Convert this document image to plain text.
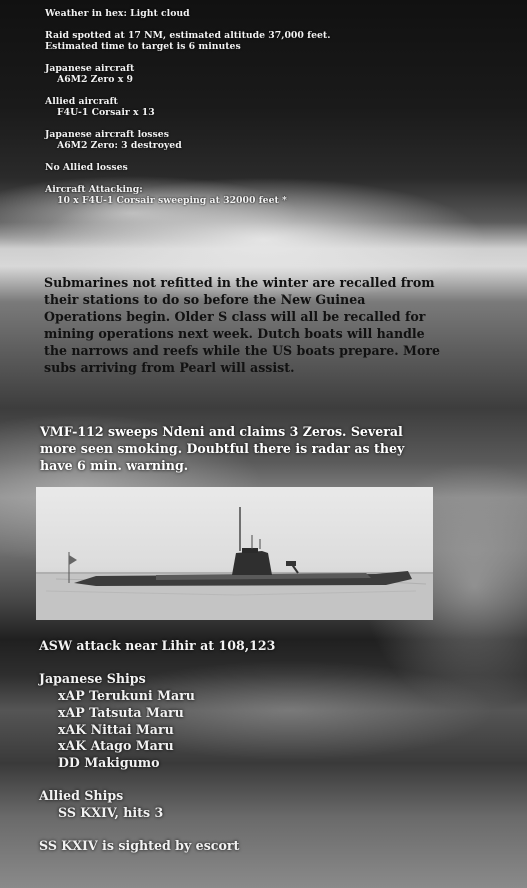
Weather in hex: Light cloud
Raid spotted at 17 NM, estimated altitude 37,000 feet.
Estimated time to target is 6 minutes
Japanese aircraft
A6M2 Zero x 9
Allied aircraft
F4U-1 Corsair x 13
Japanese aircraft losses
A6M2 Zero: 3 destroyed
No Allied losses
Aircraft Attacking:
10 x F4U-1 Corsair sweeping at 32000 feet *
Submarines not refitted in the winter are recalled from their stations to do so before the New Guinea Operations begin. Older S class will all be recalled for mining operations next week. Dutch boats will handle the narrows and reefs while the US boats prepare. More subs arriving from Pearl will assist.
VMF-112 sweeps Ndeni and claims 3 Zeros. Several more seen smoking. Doubtful there is radar as they have 6 min. warning.
ASW attack near Lihir at 108,123
Japanese Ships
xAP Terukuni Maru
xAP Tatsuta Maru
xAK Nittai Maru
xAK Atago Maru
DD Makigumo
Allied Ships
SS KXIV, hits 3
SS KXIV is sighted by escort
